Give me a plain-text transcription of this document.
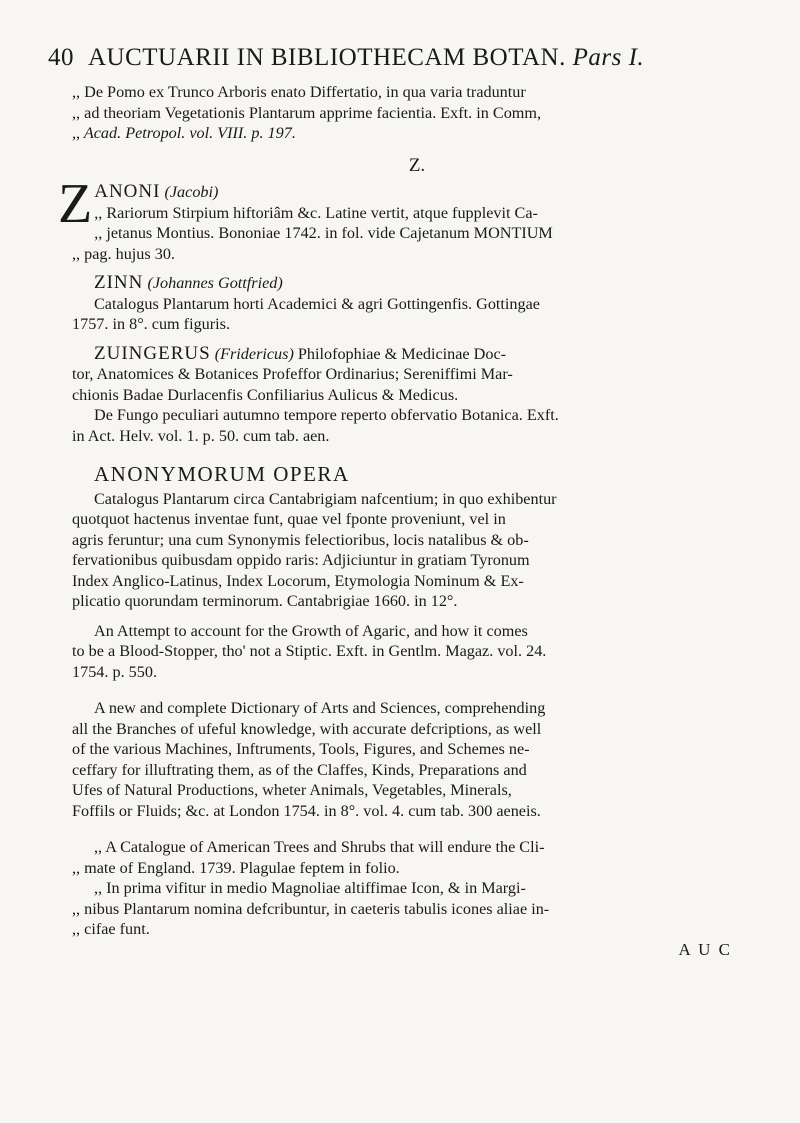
40 AUCTUARII IN BIBLIOTHECAM BOTAN. Pars I.

,, De Pomo ex Trunco Arboris enato Differtatio, in qua varia traduntur
,, ad theoriam Vegetationis Plantarum apprime facientia. Exft. in Comm,
,, Acad. Petropol. vol. VIII. p. 197.

Z.

Z ANONI (Jacobi)

,, Rariorum Stirpium hiftoriâm &c. Latine vertit, atque fupplevit Ca-
,, jetanus Montius. Bononiae 1742. in fol. vide Cajetanum MONTIUM
,, pag. hujus 30.

ZINN (Johannes Gottfried)

Catalogus Plantarum horti Academici & agri Gottingenfis. Gottingae

1757. in 8°. cum figuris.

ZUINGERUS (Fridericus) Philofophiae & Medicinae Doc-

tor, Anatomices & Botanices Profeffor Ordinarius; Sereniffimi Mar-

chionis Badae Durlacenfis Confiliarius Aulicus & Medicus.

De Fungo peculiari autumno tempore reperto obfervatio Botanica. Exft.

in Act. Helv. vol. 1. p. 50. cum tab. aen.

ANONYMORUM OPERA

Catalogus Plantarum circa Cantabrigiam nafcentium; in quo exhibentur

quotquot hactenus inventae funt, quae vel fponte proveniunt, vel in

agris feruntur; una cum Synonymis felectioribus, locis natalibus & ob-

fervationibus quibusdam oppido raris: Adjiciuntur in gratiam Tyronum

Index Anglico-Latinus, Index Locorum, Etymologia Nominum & Ex-

plicatio quorundam terminorum. Cantabrigiae 1660. in 12°.

An Attempt to account for the Growth of Agaric, and how it comes

to be a Blood-Stopper, tho' not a Stiptic. Exft. in Gentlm. Magaz. vol. 24.

1754. p. 550.

A new and complete Dictionary of Arts and Sciences, comprehending

all the Branches of ufeful knowledge, with accurate defcriptions, as well

of the various Machines, Inftruments, Tools, Figures, and Schemes ne-

ceffary for illuftrating them, as of the Claffes, Kinds, Preparations and

Ufes of Natural Productions, wheter Animals, Vegetables, Minerals,

Foffils or Fluids; &c. at London 1754. in 8°. vol. 4. cum tab. 300 aeneis.

,, A Catalogue of American Trees and Shrubs that will endure the Cli-

,, mate of England. 1739. Plagulae feptem in folio.

,, In prima vifitur in medio Magnoliae altiffimae Icon, & in Margi-

,, nibus Plantarum nomina defcribuntur, in caeteris tabulis icones aliae in-

,, cifae funt.

A U C
